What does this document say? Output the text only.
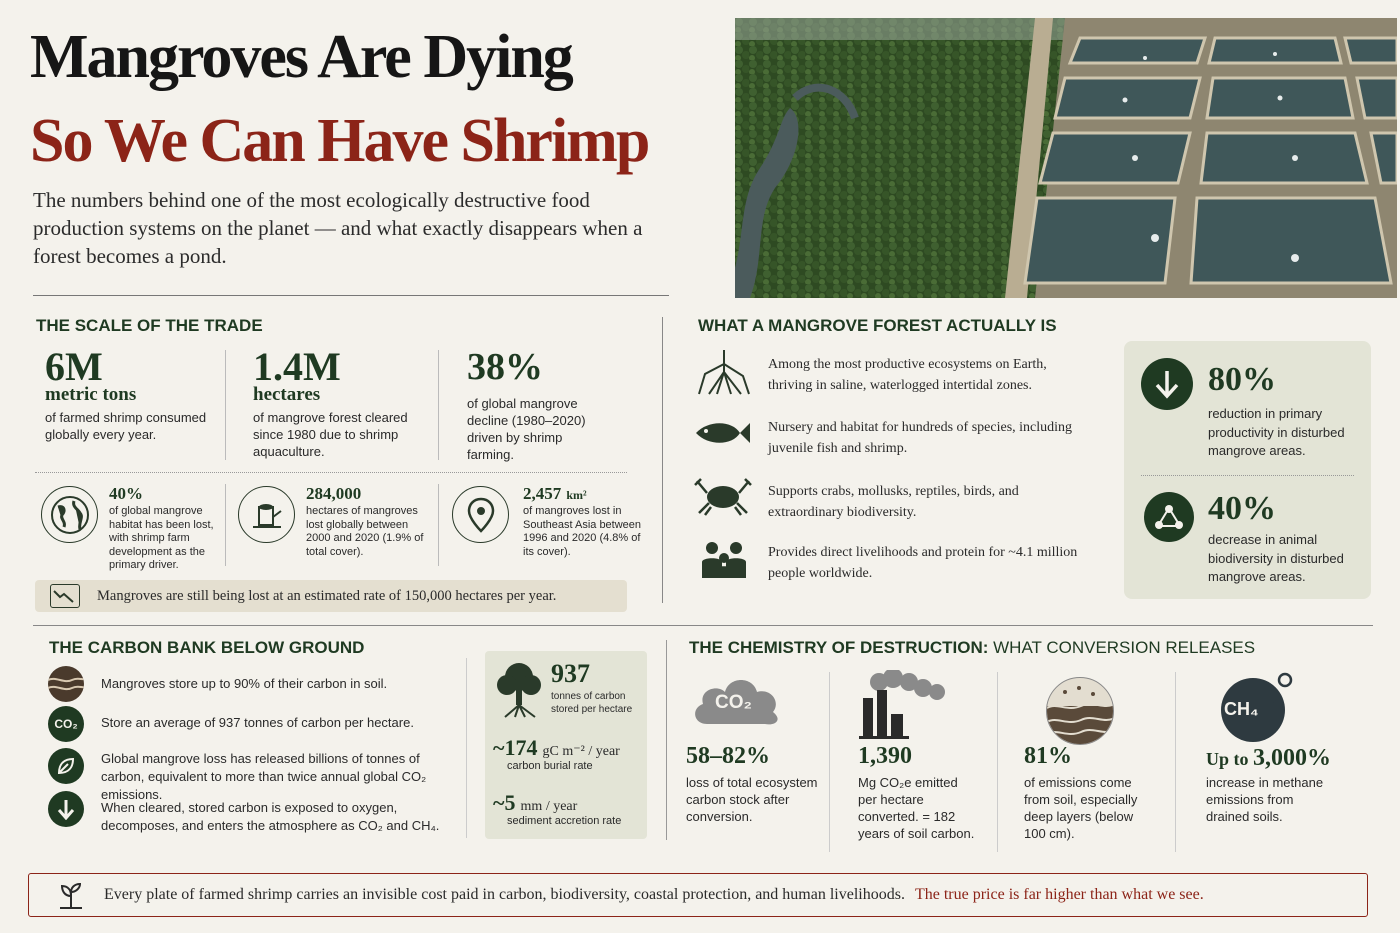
Mangroves Are Dying
So We Can Have Shrimp
The numbers behind one of the most ecologically destructive food production systems on the planet — and what exactly disappears when a forest becomes a pond.
THE SCALE OF THE TRADE
6M
metric tons
of farmed shrimp consumed globally every year.
1.4M
hectares
of mangrove forest cleared since 1980 due to shrimp aquaculture.
38%
of global mangrove decline (1980–2020) driven by shrimp farming.
40%
of global mangrove habitat has been lost, with shrimp farm development as the primary driver.
284,000
hectares of mangroves lost globally between 2000 and 2020 (1.9% of total cover).
2,457 km²
of mangroves lost in Southeast Asia between 1996 and 2020 (4.8% of its cover).
Mangroves are still being lost at an estimated rate of 150,000 hectares per year.
WHAT A MANGROVE FOREST ACTUALLY IS
Among the most productive ecosystems on Earth, thriving in saline, waterlogged intertidal zones.
Nursery and habitat for hundreds of species, including juvenile fish and shrimp.
Supports crabs, mollusks, reptiles, birds, and extraordinary biodiversity.
Provides direct livelihoods and protein for ~4.1 million people worldwide.
80%
reduction in primary productivity in disturbed mangrove areas.
40%
decrease in animal biodiversity in disturbed mangrove areas.
THE CARBON BANK BELOW GROUND
Mangroves store up to 90% of their carbon in soil.
CO₂ Store an average of 937 tonnes of carbon per hectare.
Global mangrove loss has released billions of tonnes of carbon, equivalent to more than twice annual global CO₂ emissions.
When cleared, stored carbon is exposed to oxygen, decomposes, and enters the atmosphere as CO₂ and CH₄.
937
tonnes of carbon stored per hectare
~174 gC m⁻² / year
carbon burial rate
~5 mm / year
sediment accretion rate
THE CHEMISTRY OF DESTRUCTION: WHAT CONVERSION RELEASES
CO₂
58–82%
loss of total ecosystem carbon stock after conversion.
1,390
Mg CO₂e emitted per hectare converted. = 182 years of soil carbon.
81%
of emissions come from soil, especially deep layers (below 100 cm).
CH₄
Up to 3,000%
increase in methane emissions from drained soils.
Every plate of farmed shrimp carries an invisible cost paid in carbon, biodiversity, coastal protection, and human livelihoods. The true price is far higher than what we see.
